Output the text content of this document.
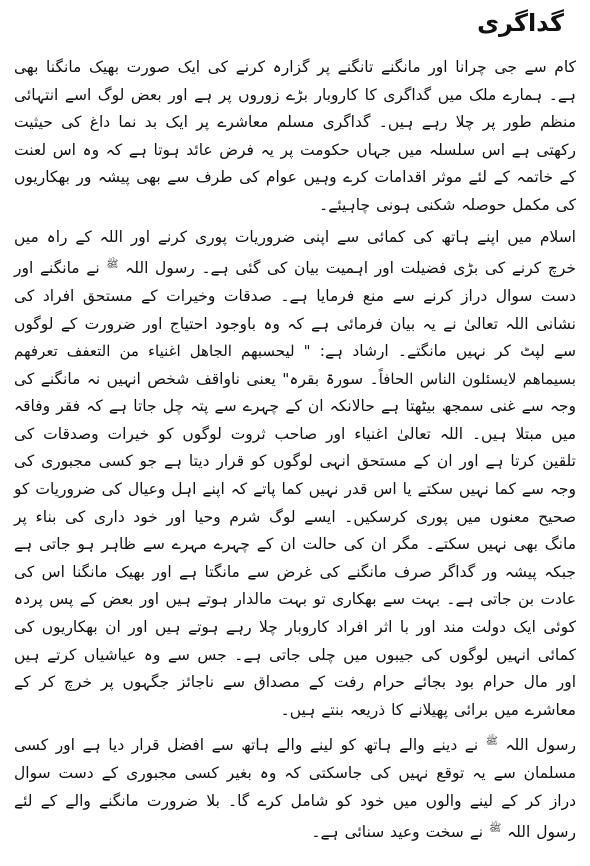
گداگری

کام سے جی چرانا اور مانگنے تانگنے پر گزارہ کرنے کی ایک صورت بھیک مانگنا بھی ہے۔ ہمارے ملک میں گداگری کا کاروبار بڑے زوروں پر ہے اور بعض لوگ اسے انتہائی منظم طور پر چلا رہے ہیں۔ گداگری مسلم معاشرے پر ایک بد نما داغ کی حیثیت رکھتی ہے اس سلسلہ میں جہاں حکومت پر یہ فرض عائد ہوتا ہے کہ وہ اس لعنت کے خاتمہ کے لئے موثر اقدامات کرے وہیں عوام کی طرف سے بھی پیشہ ور بھکاریوں کی مکمل حوصلہ شکنی ہونی چاہیئے۔

اسلام میں اپنے ہاتھ کی کمائی سے اپنی ضروریات پوری کرنے اور اللہ کے راہ میں خرچ کرنے کی بڑی فضیلت اور اہمیت بیان کی گئی ہے۔ رسول اللہ $^ﷺ$ نے مانگنے اور دست سوال دراز کرنے سے منع فرمایا ہے۔ صدقات وخیرات کے مستحق افراد کی نشانی اللہ تعالیٰ نے یہ بیان فرمائی ہے کہ وہ باوجود احتیاج اور ضرورت کے لوگوں سے لپٹ کر نہیں مانگتے۔ ارشاد ہے: " ليحسبهم الجاهل اغنياء من التعفف تعرفهم بسيماهم لايسئلون الناس الحافاً۔ سورۃ بقرہ" یعنی ناواقف شخص انہیں نہ مانگنے کی وجہ سے غنی سمجھ بیٹھتا ہے حالانکہ ان کے چہرے سے پتہ چل جاتا ہے کہ فقر وفاقہ میں مبتلا ہیں۔ اللہ تعالیٰ اغنیاء اور صاحب ثروت لوگوں کو خیرات وصدقات کی تلقین کرتا ہے اور ان کے مستحق انہی لوگوں کو قرار دیتا ہے جو کسی مجبوری کی وجہ سے کما نہیں سکتے یا اس قدر نہیں کما پاتے کہ اپنے اہل وعیال کی ضروریات کو صحیح معنوں میں پوری کرسکیں۔ ایسے لوگ شرم وحیا اور خود داری کی بناء پر مانگ بھی نہیں سکتے۔ مگر ان کی حالت ان کے چہرے مہرے سے ظاہر ہو جاتی ہے جبکہ پیشہ ور گداگر صرف مانگنے کی غرض سے مانگتا ہے اور بھیک مانگنا اس کی عادت بن جاتی ہے۔ بہت سے بھکاری تو بہت مالدار ہوتے ہیں اور بعض کے پس پردہ کوئی ایک دولت مند اور با اثر افراد کاروبار چلا رہے ہوتے ہیں اور ان بھکاریوں کی کمائی انہیں لوگوں کی جیبوں میں چلی جاتی ہے۔ جس سے وہ عیاشیاں کرتے ہیں اور مال حرام بود بجائے حرام رفت کے مصداق سے ناجائز جگہوں پر خرچ کر کے معاشرے میں برائی پھیلانے کا ذریعہ بنتے ہیں۔

رسول اللہ $^ﷺ$ نے دینے والے ہاتھ کو لینے والے ہاتھ سے افضل قرار دیا ہے اور کسی مسلمان سے یہ توقع نہیں کی جاسکتی کہ وہ بغیر کسی مجبوری کے دست سوال دراز کر کے لینے والوں میں خود کو شامل کرے گا۔ بلا ضرورت مانگنے والے کے لئے رسول اللہ $^ﷺ$ نے سخت وعید سنائی ہے۔
